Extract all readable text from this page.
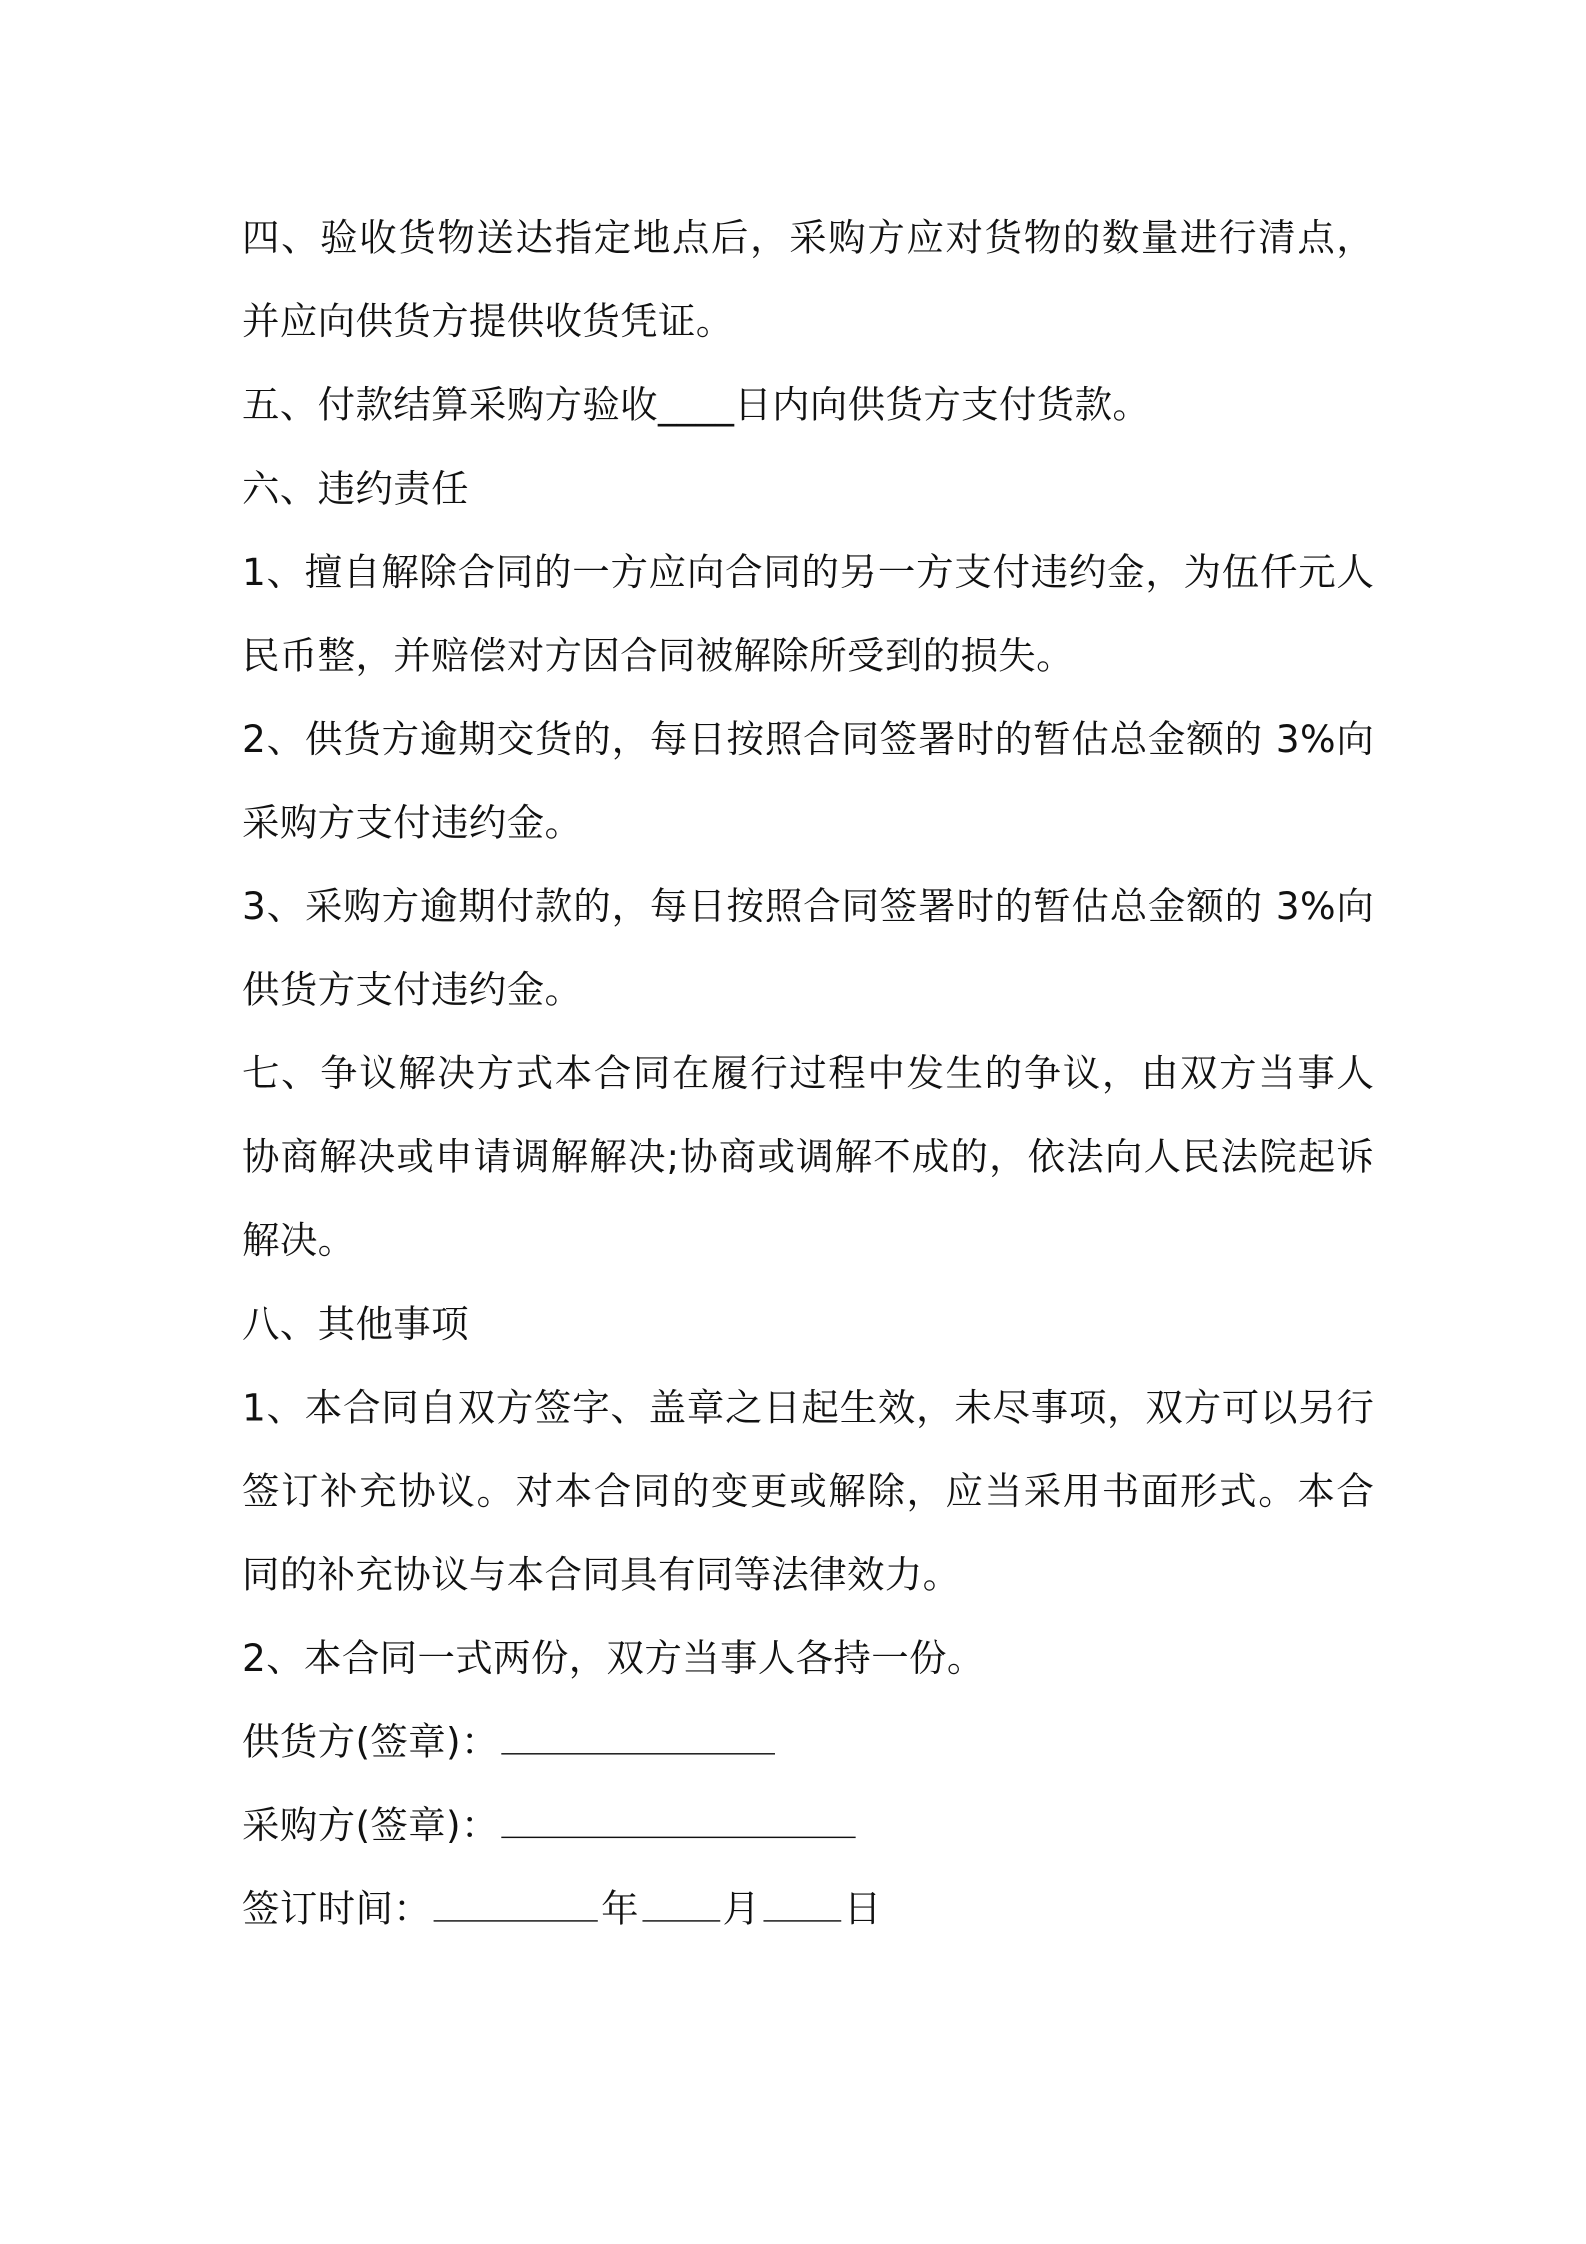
四、验收货物送达指定地点后，采购方应对货物的数量进行清点，并应向供货方提供收货凭证。

五、付款结算采购方验收____日内向供货方支付货款。

六、违约责任

1、擅自解除合同的一方应向合同的另一方支付违约金，为伍仟元人民币整，并赔偿对方因合同被解除所受到的损失。

2、供货方逾期交货的，每日按照合同签署时的暂估总金额的 3%向采购方支付违约金。

3、采购方逾期付款的，每日按照合同签署时的暂估总金额的 3%向供货方支付违约金。

七、争议解决方式本合同在履行过程中发生的争议，由双方当事人协商解决或申请调解解决;协商或调解不成的，依法向人民法院起诉解决。

八、其他事项

1、本合同自双方签字、盖章之日起生效，未尽事项，双方可以另行签订补充协议。对本合同的变更或解除，应当采用书面形式。本合同的补充协议与本合同具有同等法律效力。

2、本合同一式两份，双方当事人各持一份。

供货方(签章)：

采购方(签章)：

签订时间：	年	月	日
